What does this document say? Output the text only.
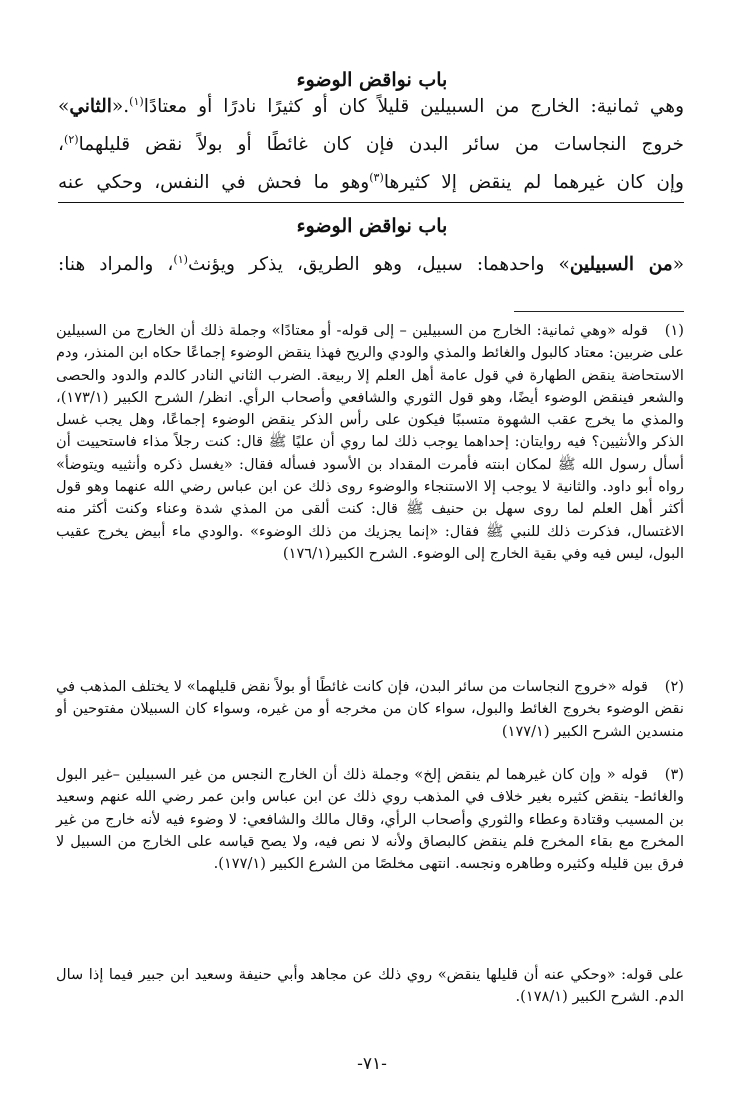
باب نواقض الوضوء
وهي ثمانية: الخارج من السبيلين قليلاً كان أو كثيرًا نادرًا أو معتادًا$^{(١)}$.«الثاني»
خروج النجاسات من سائر البدن فإن كان غائطًا أو بولاً نقض قليلهما$^{(٢)}$،
وإن كان غيرهما لم ينقض إلا كثيرها$^{(٣)}$وهو ما فحش في النفس، وحكي عنه
باب نواقض الوضوء
«من السبيلين» واحدهما: سبيل، وهو الطريق، يذكر ويؤنث$^{(١)}$، والمراد هنا:
(١)قوله «وهي ثمانية: الخارج من السبيلين – إلى قوله- أو معتادًا» وجملة ذلك أن الخارج من السبيلين على ضربين: معتاد كالبول والغائط والمذي والودي والريح فهذا ينقض الوضوء إجماعًا حكاه ابن المنذر، ودم الاستحاضة ينقض الطهارة في قول عامة أهل العلم إلا ربيعة. الضرب الثاني النادر كالدم والدود والحصى والشعر فينقض الوضوء أيضًا، وهو قول الثوري والشافعي وأصحاب الرأي. انظر/ الشرح الكبير (١٧٣/١)، والمذي ما يخرج عقب الشهوة متسببًا فيكون على رأس الذكر ينقض الوضوء إجماعًا، وهل يجب غسل الذكر والأنثيين؟ فيه روايتان: إحداهما يوجب ذلك لما روي أن عليًا ﷺ قال: كنت رجلاً مذاء فاستحييت أن أسأل رسول الله ﷺ لمكان ابنته فأمرت المقداد بن الأسود فسأله فقال: «يغسل ذكره وأنثييه ويتوضأ» رواه أبو داود. والثانية لا يوجب إلا الاستنجاء والوضوء روى ذلك عن ابن عباس رضي الله عنهما وهو قول أكثر أهل العلم لما روى سهل بن حنيف ﷺ قال: كنت ألقى من المذي شدة وعناء وكنت أكثر منه الاغتسال، فذكرت ذلك للنبي ﷺ فقال: «إنما يجزيك من ذلك الوضوء» .والودي ماء أبيض يخرج عقيب البول، ليس فيه وفي بقية الخارج إلى الوضوء. الشرح الكبير(١٧٦/١)
(٢)قوله «خروج النجاسات من سائر البدن، فإن كانت غائطًا أو بولاً نقض قليلهما» لا يختلف المذهب في نقض الوضوء بخروج الغائط والبول، سواء كان من مخرجه أو من غيره، وسواء كان السبيلان مفتوحين أو منسدين الشرح الكبير (١٧٧/١)
(٣)قوله « وإن كان غيرهما لم ينقض إلخ» وجملة ذلك أن الخارج النجس من غير السبيلين –غير البول والغائط- ينقض كثيره بغير خلاف في المذهب روي ذلك عن ابن عباس وابن عمر رضي الله عنهم وسعيد بن المسيب وقتادة وعطاء والثوري وأصحاب الرأي، وقال مالك والشافعي: لا وضوء فيه لأنه خارج من غير المخرج مع بقاء المخرج فلم ينقض كالبصاق ولأنه لا نص فيه، ولا يصح قياسه على الخارج من السبيل لا فرق بين قليله وكثيره وطاهره ونجسه. انتهى مخلصًا من الشرع الكبير (١٧٧/١).
على قوله: «وحكي عنه أن قليلها ينقض» روي ذلك عن مجاهد وأبي حنيفة وسعيد ابن جبير فيما إذا سال الدم. الشرح الكبير (١٧٨/١).
-٧١-
